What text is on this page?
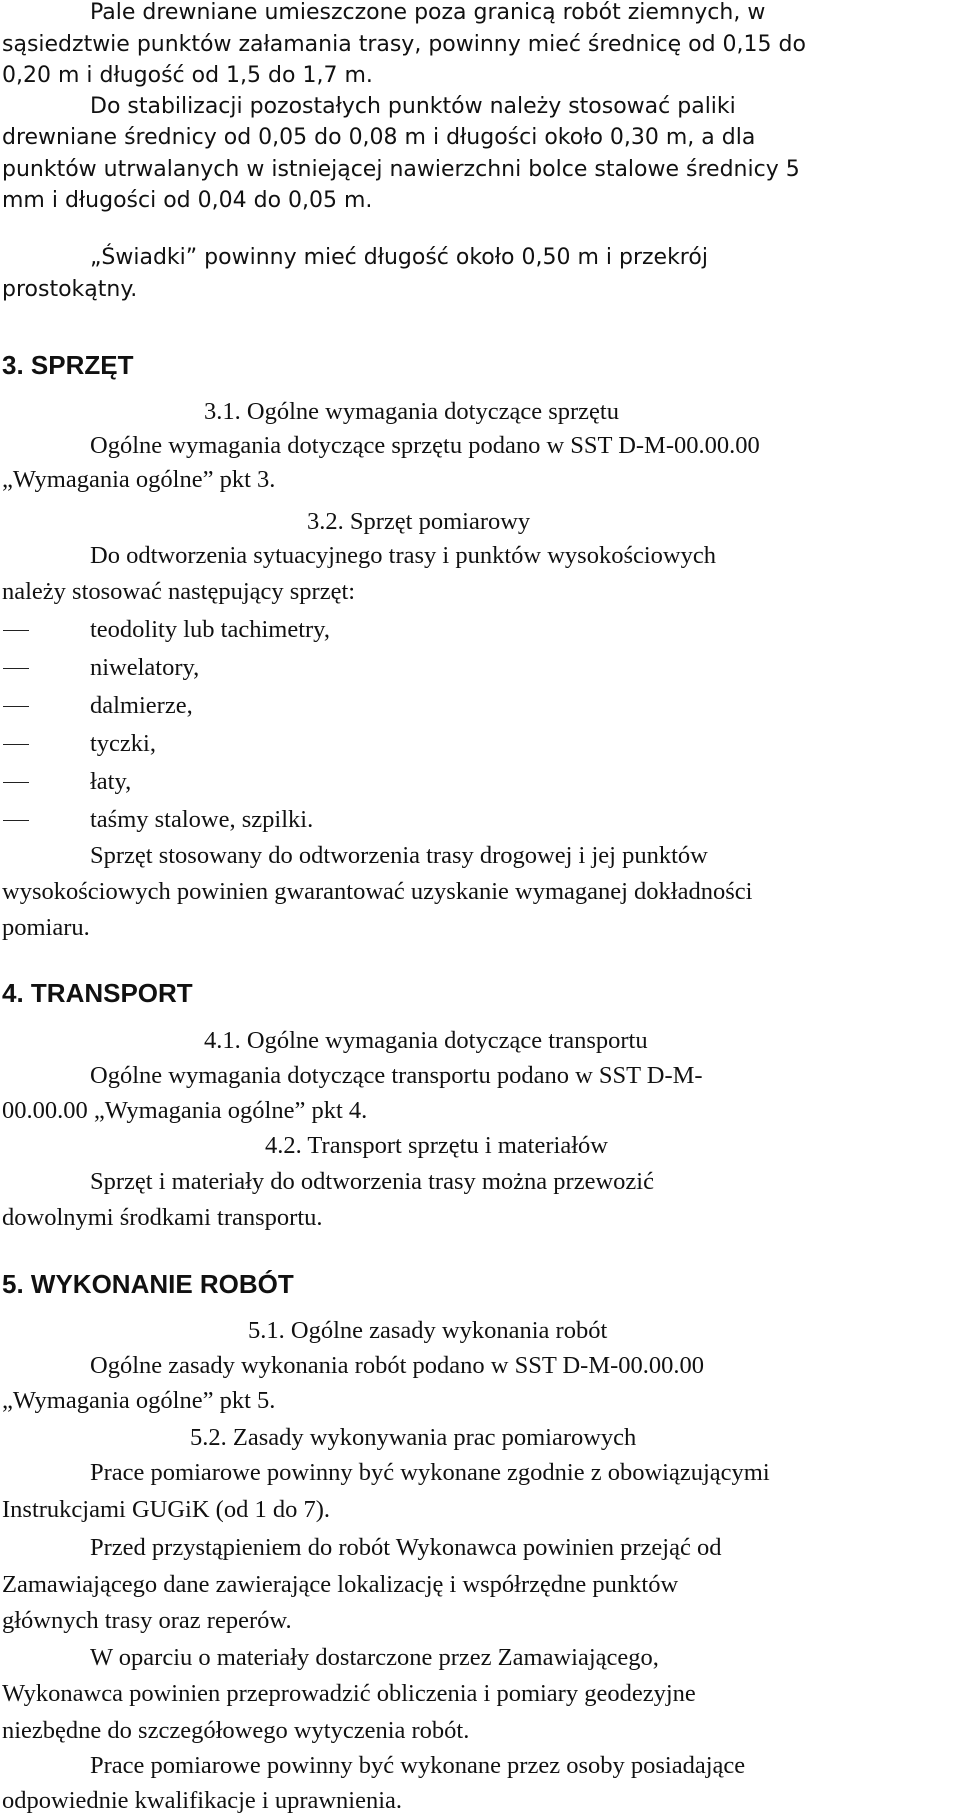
Pale drewniane umieszczone poza granicą robót ziemnych, w
sąsiedztwie punktów załamania trasy, powinny mieć średnicę od 0,15 do
0,20 m i długość od 1,5 do 1,7 m.
Do stabilizacji pozostałych punktów należy stosować paliki
drewniane średnicy od 0,05 do 0,08 m i długości około 0,30 m, a dla
punktów utrwalanych w istniejącej nawierzchni bolce stalowe średnicy 5
mm i długości od 0,04 do 0,05 m.
„Świadki” powinny mieć długość około 0,50 m i przekrój
prostokątny.
3. SPRZĘT
3.1. Ogólne wymagania dotyczące sprzętu
Ogólne wymagania dotyczące sprzętu podano w SST D-M-00.00.00
„Wymagania ogólne” pkt 3.
3.2. Sprzęt pomiarowy
Do odtworzenia sytuacyjnego trasy i punktów wysokościowych
należy stosować następujący sprzęt:
teodolity lub tachimetry,
niwelatory,
dalmierze,
tyczki,
łaty,
taśmy stalowe, szpilki.
Sprzęt stosowany do odtworzenia trasy drogowej i jej punktów
wysokościowych powinien gwarantować uzyskanie wymaganej dokładności
pomiaru.
4. TRANSPORT
4.1. Ogólne wymagania dotyczące transportu
Ogólne wymagania dotyczące transportu podano w SST D-M-
00.00.00 „Wymagania ogólne” pkt 4.
4.2. Transport sprzętu i materiałów
Sprzęt i materiały do odtworzenia trasy można przewozić
dowolnymi środkami transportu.
5. WYKONANIE ROBÓT
5.1. Ogólne zasady wykonania robót
Ogólne zasady wykonania robót podano w SST D-M-00.00.00
„Wymagania ogólne” pkt 5.
5.2. Zasady wykonywania prac pomiarowych
Prace pomiarowe powinny być wykonane zgodnie z obowiązującymi
Instrukcjami GUGiK (od 1 do 7).
Przed przystąpieniem do robót Wykonawca powinien przejąć od
Zamawiającego dane zawierające lokalizację i współrzędne punktów
głównych trasy oraz reperów.
W oparciu o materiały dostarczone przez Zamawiającego,
Wykonawca powinien przeprowadzić obliczenia i pomiary geodezyjne
niezbędne do szczegółowego wytyczenia robót.
Prace pomiarowe powinny być wykonane przez osoby posiadające
odpowiednie kwalifikacje i uprawnienia.
